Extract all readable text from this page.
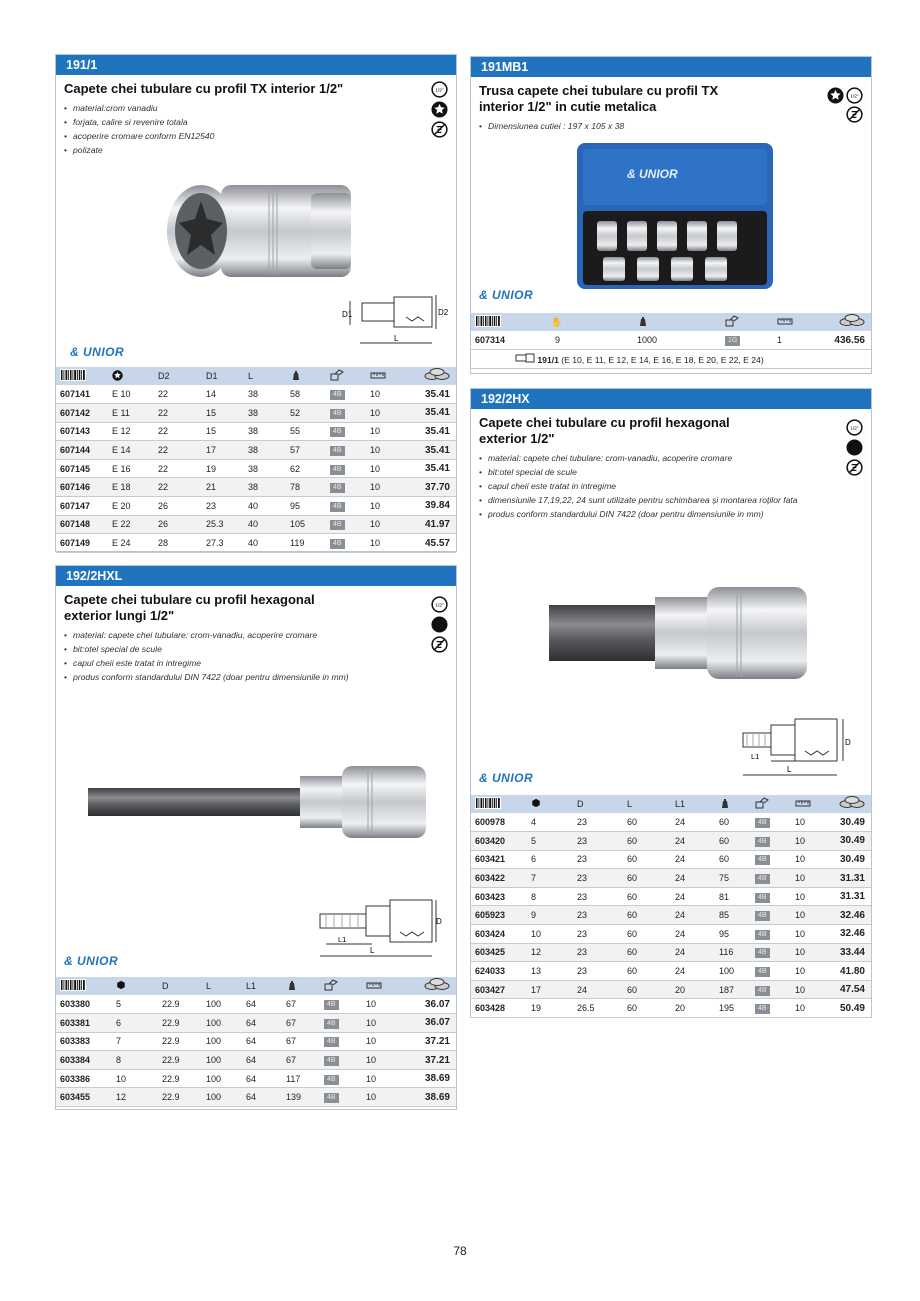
191/1
Capete chei tubulare cu profil TX interior 1/2"
• material:crom vanadiu
• forjata, calire si revenire totala
• acoperire cromare conform EN12540
• polizate
1/2"
D1	D2
L
& UNIOR
		D2	D1	L				
607141	E 10	22	14	38	58	4B	10	35.41
607142	E 11	22	15	38	52	4B	10	35.41
607143	E 12	22	15	38	55	4B	10	35.41
607144	E 14	22	17	38	57	4B	10	35.41
607145	E 16	22	19	38	62	4B	10	35.41
607146	E 18	22	21	38	78	4B	10	37.70
607147	E 20	26	23	40	95	4B	10	39.84
607148	E 22	26	25.3	40	105	4B	10	41.97
607149	E 24	28	27.3	40	119	4B	10	45.57
191MB1
Trusa capete chei tubulare cu profil TX interior 1/2" in cutie metalica
• Dimensiunea cutiei : 197 x 105 x 38
1/2"
& UNIOR
& UNIOR
	✋				
607314	9	1000	1G	1	436.56
191/1 (E 10, E 11, E 12, E 14, E 16, E 18, E 20, E 22, E 24)					
192/2HX
Capete chei tubulare cu profil hexagonal exterior 1/2"
• material: capete chei tubulare: crom-vanadiu, acoperire cromare
• bit:otel special de scule
• capul cheii este tratat in intregime
• dimensiunile 17,19,22, 24 sunt utilizate pentru schimbarea și montarea roților fata
• produs conform standardului DIN 7422 (doar pentru dimensiunile in mm)
1/2"
D
L1
L
& UNIOR
		D	L	L1				
600978	4	23	60	24	60	4B	10	30.49
603420	5	23	60	24	60	4B	10	30.49
603421	6	23	60	24	60	4B	10	30.49
603422	7	23	60	24	75	4B	10	31.31
603423	8	23	60	24	81	4B	10	31.31
605923	9	23	60	24	85	4B	10	32.46
603424	10	23	60	24	95	4B	10	32.46
603425	12	23	60	24	116	4B	10	33.44
624033	13	23	60	24	100	4B	10	41.80
603427	17	24	60	20	187	4B	10	47.54
603428	19	26.5	60	20	195	4B	10	50.49
192/2HXL
Capete chei tubulare cu profil hexagonal exterior lungi 1/2"
• material: capete chei tubulare: crom-vanadiu, acoperire cromare
• bit:otel special de scule
• capul cheii este tratat in intregime
• produs conform standardului DIN 7422 (doar pentru dimensiunile in mm)
1/2"
D
L1
L
& UNIOR
		D	L	L1				
603380	5	22.9	100	64	67	4B	10	36.07
603381	6	22.9	100	64	67	4B	10	36.07
603383	7	22.9	100	64	67	4B	10	37.21
603384	8	22.9	100	64	67	4B	10	37.21
603386	10	22.9	100	64	117	4B	10	38.69
603455	12	22.9	100	64	139	4B	10	38.69
78
